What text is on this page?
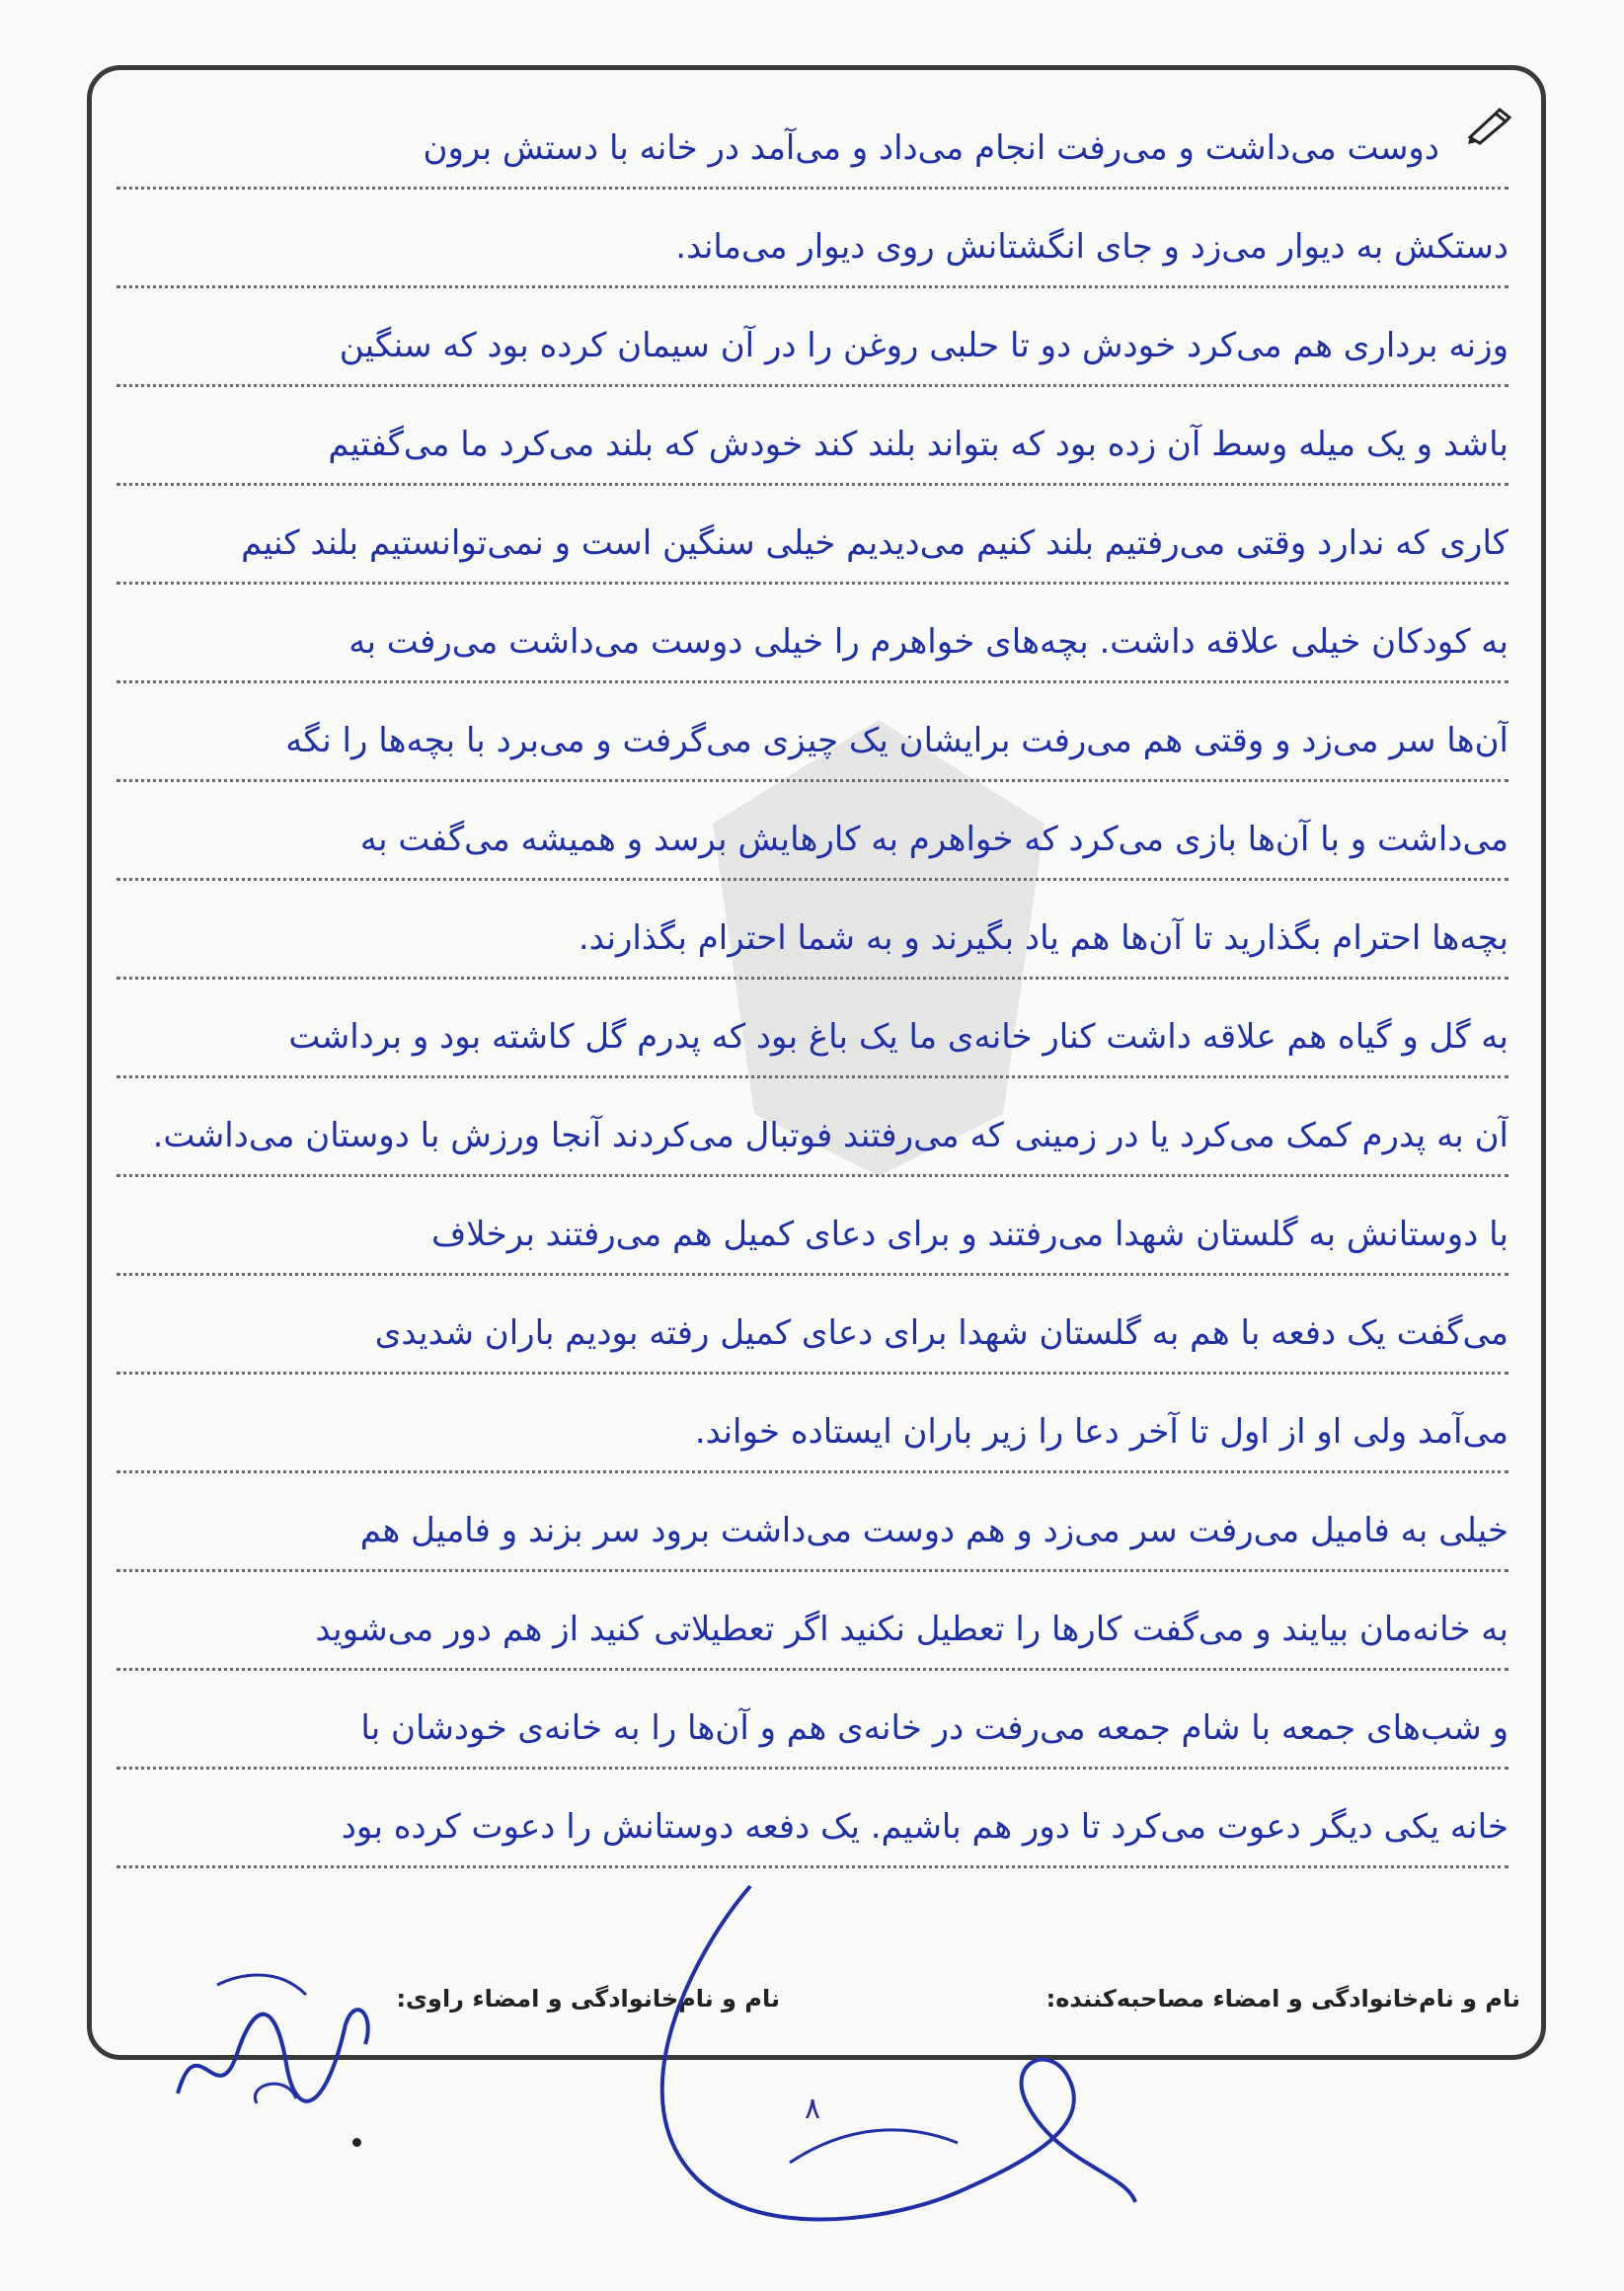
دوست می‌داشت و می‌رفت انجام می‌داد و می‌آمد در خانه با دستش برون
دستکش به دیوار می‌زد و جای انگشتانش روی دیوار می‌ماند.
وزنه برداری هم می‌کرد خودش دو تا حلبی روغن را در آن سیمان کرده بود که سنگین
باشد و یک میله وسط آن زده بود که بتواند بلند کند خودش که بلند می‌کرد ما می‌گفتیم
کاری که ندارد وقتی می‌رفتیم بلند کنیم می‌دیدیم خیلی سنگین است و نمی‌توانستیم بلند کنیم
به کودکان خیلی علاقه داشت. بچه‌های خواهرم را خیلی دوست می‌داشت می‌رفت به
آن‌ها سر می‌زد و وقتی هم می‌رفت برایشان یک چیزی می‌گرفت و می‌برد با بچه‌ها را نگه
می‌داشت و با آن‌ها بازی می‌کرد که خواهرم به کارهایش برسد و همیشه می‌گفت به
بچه‌ها احترام بگذارید تا آن‌ها هم یاد بگیرند و به شما احترام بگذارند.
به گل و گیاه هم علاقه داشت کنار خانه‌ی ما یک باغ بود که پدرم گل کاشته بود و برداشت
آن به پدرم کمک می‌کرد یا در زمینی که می‌رفتند فوتبال می‌کردند آنجا ورزش با دوستان می‌داشت.
با دوستانش به گلستان شهدا می‌رفتند و برای دعای کمیل هم می‌رفتند برخلاف
می‌گفت یک دفعه با هم به گلستان شهدا برای دعای کمیل رفته بودیم باران شدیدی
می‌آمد ولی او از اول تا آخر دعا را زیر باران ایستاده خواند.
خیلی به فامیل می‌رفت سر می‌زد و هم دوست می‌داشت برود سر بزند و فامیل هم
به خانه‌مان بیایند و می‌گفت کارها را تعطیل نکنید اگر تعطیلاتی کنید از هم دور می‌شوید
و شب‌های جمعه با شام جمعه می‌رفت در خانه‌ی هم و آن‌ها را به خانه‌ی خودشان با
خانه یکی دیگر دعوت می‌کرد تا دور هم باشیم. یک دفعه دوستانش را دعوت کرده بود
نام و نام‌خانوادگی و امضاء مصاحبه‌کننده:
نام و نام‌خانوادگی و امضاء راوی:
۸
